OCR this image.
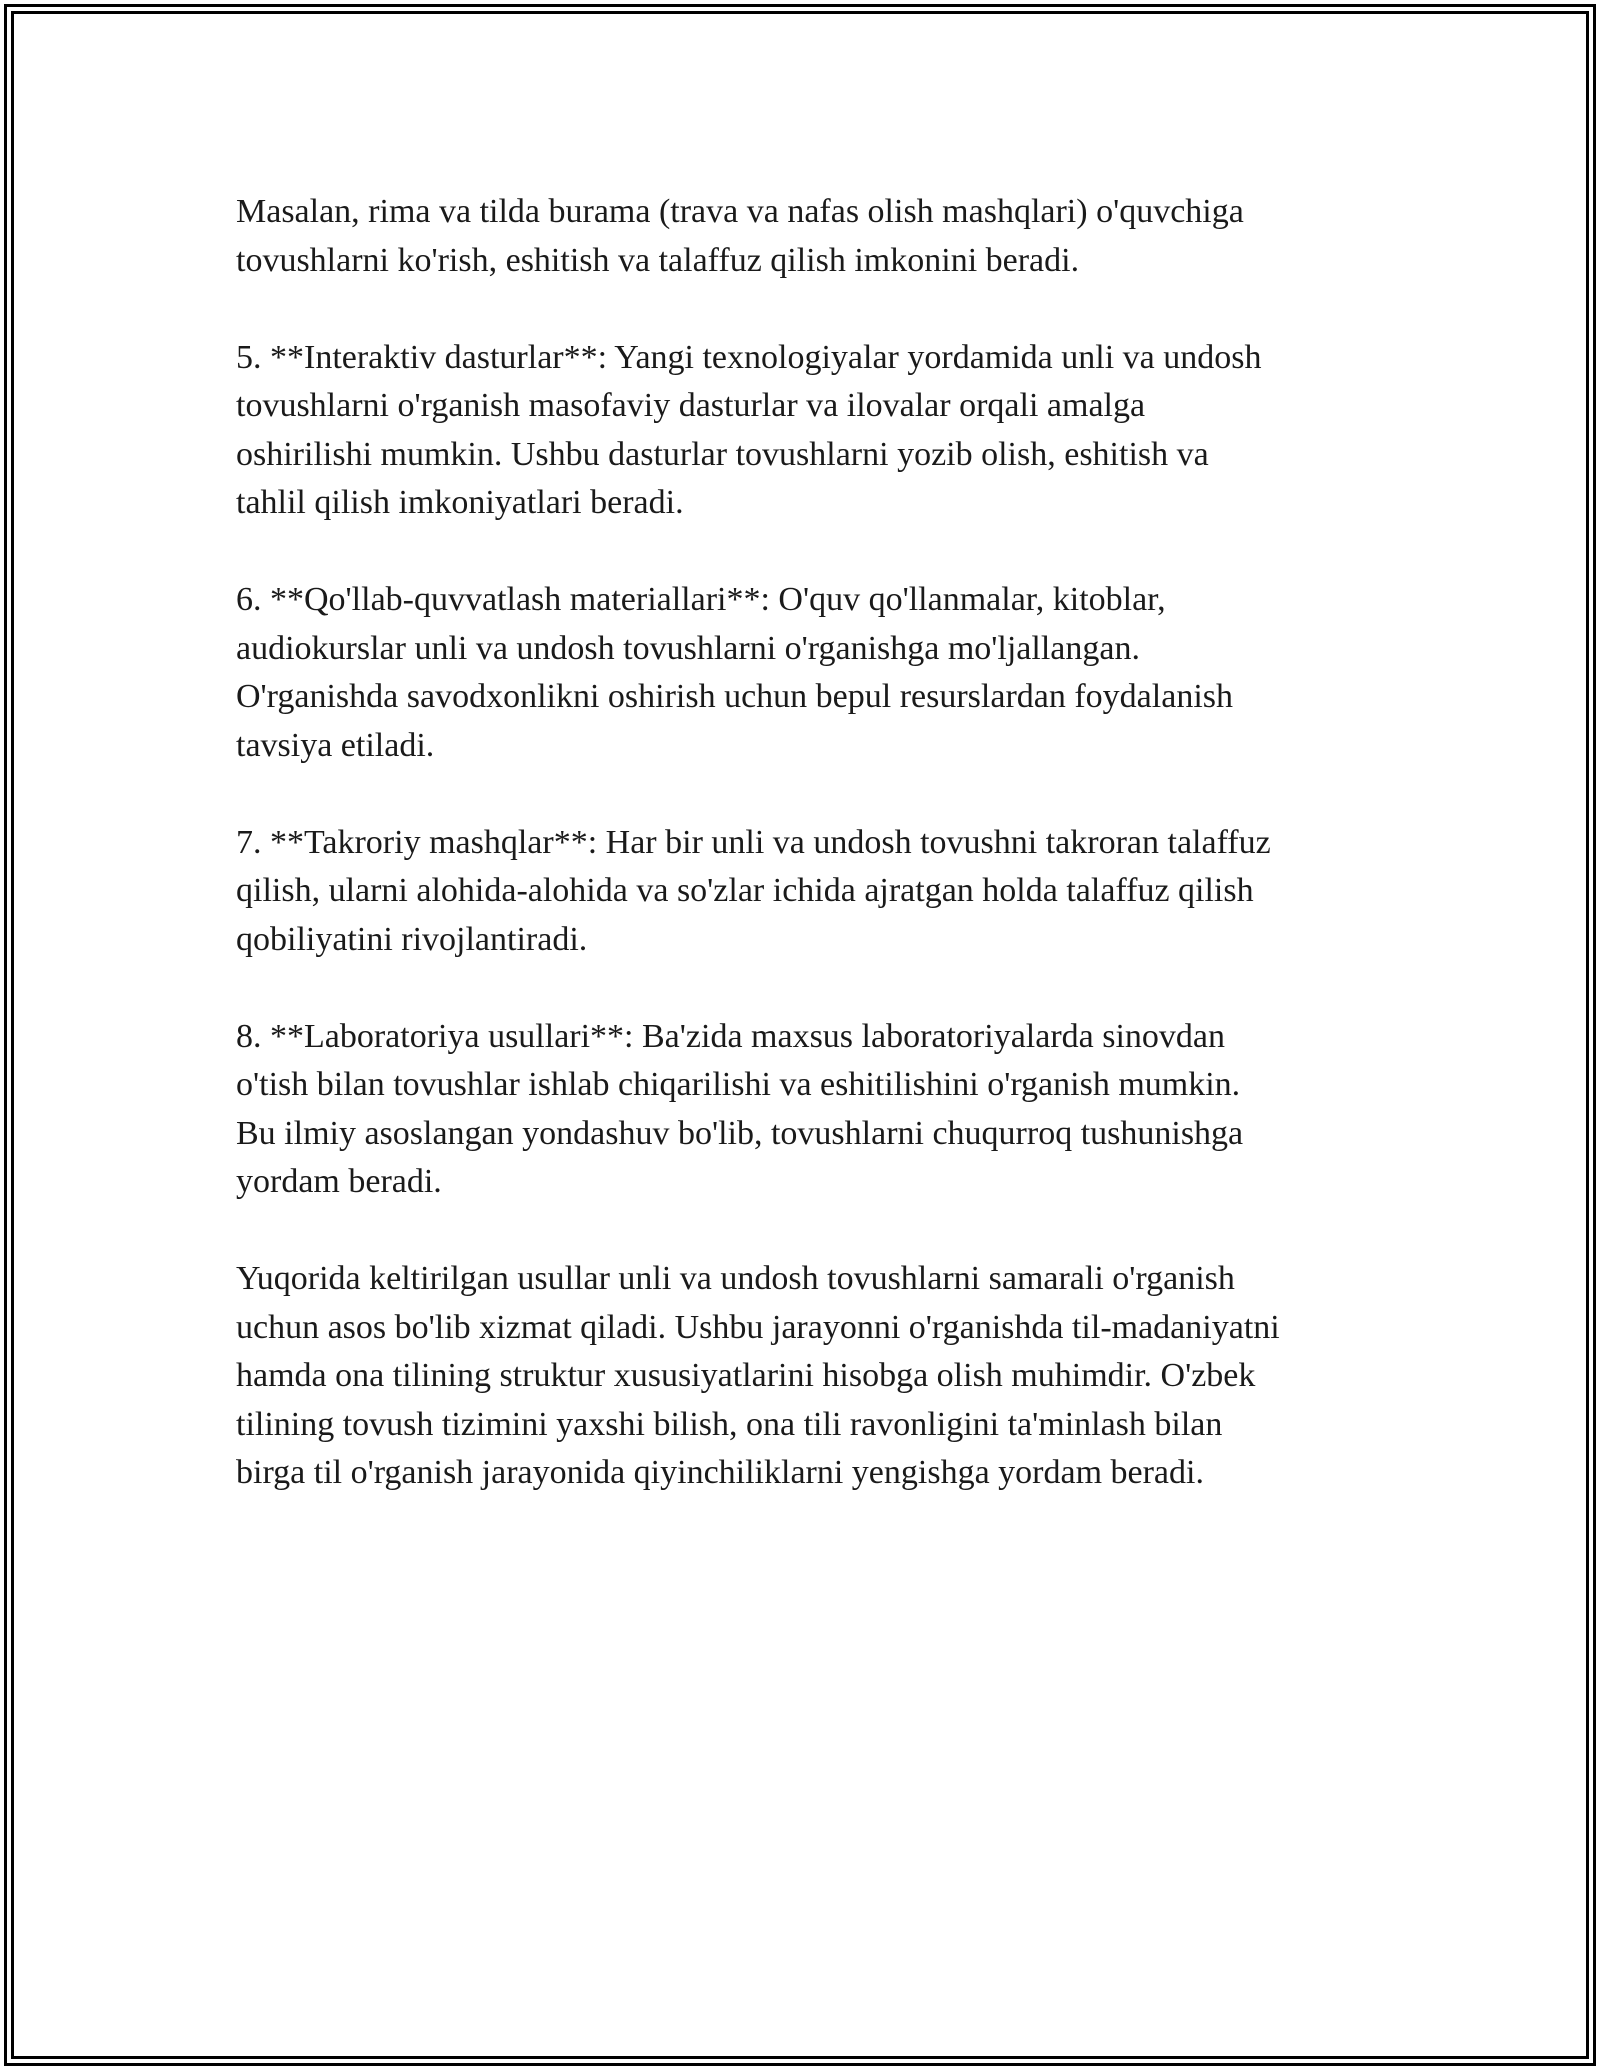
Masalan, rima va tilda burama (trava va nafas olish mashqlari) o'quvchiga
tovushlarni ko'rish, eshitish va talaffuz qilish imkonini beradi.

5. **Interaktiv dasturlar**: Yangi texnologiyalar yordamida unli va undosh
tovushlarni o'rganish masofaviy dasturlar va ilovalar orqali amalga
oshirilishi mumkin. Ushbu dasturlar tovushlarni yozib olish, eshitish va
tahlil qilish imkoniyatlari beradi.

6. **Qo'llab-quvvatlash materiallari**: O'quv qo'llanmalar, kitoblar,
audiokurslar unli va undosh tovushlarni o'rganishga mo'ljallangan.
O'rganishda savodxonlikni oshirish uchun bepul resurslardan foydalanish
tavsiya etiladi.

7. **Takroriy mashqlar**: Har bir unli va undosh tovushni takroran talaffuz
qilish, ularni alohida-alohida va so'zlar ichida ajratgan holda talaffuz qilish
qobiliyatini rivojlantiradi.

8. **Laboratoriya usullari**: Ba'zida maxsus laboratoriyalarda sinovdan
o'tish bilan tovushlar ishlab chiqarilishi va eshitilishini o'rganish mumkin.
Bu ilmiy asoslangan yondashuv bo'lib, tovushlarni chuqurroq tushunishga
yordam beradi.

Yuqorida keltirilgan usullar unli va undosh tovushlarni samarali o'rganish
uchun asos bo'lib xizmat qiladi. Ushbu jarayonni o'rganishda til-madaniyatni
hamda ona tilining struktur xususiyatlarini hisobga olish muhimdir. O'zbek
tilining tovush tizimini yaxshi bilish, ona tili ravonligini ta'minlash bilan
birga til o'rganish jarayonida qiyinchiliklarni yengishga yordam beradi.
